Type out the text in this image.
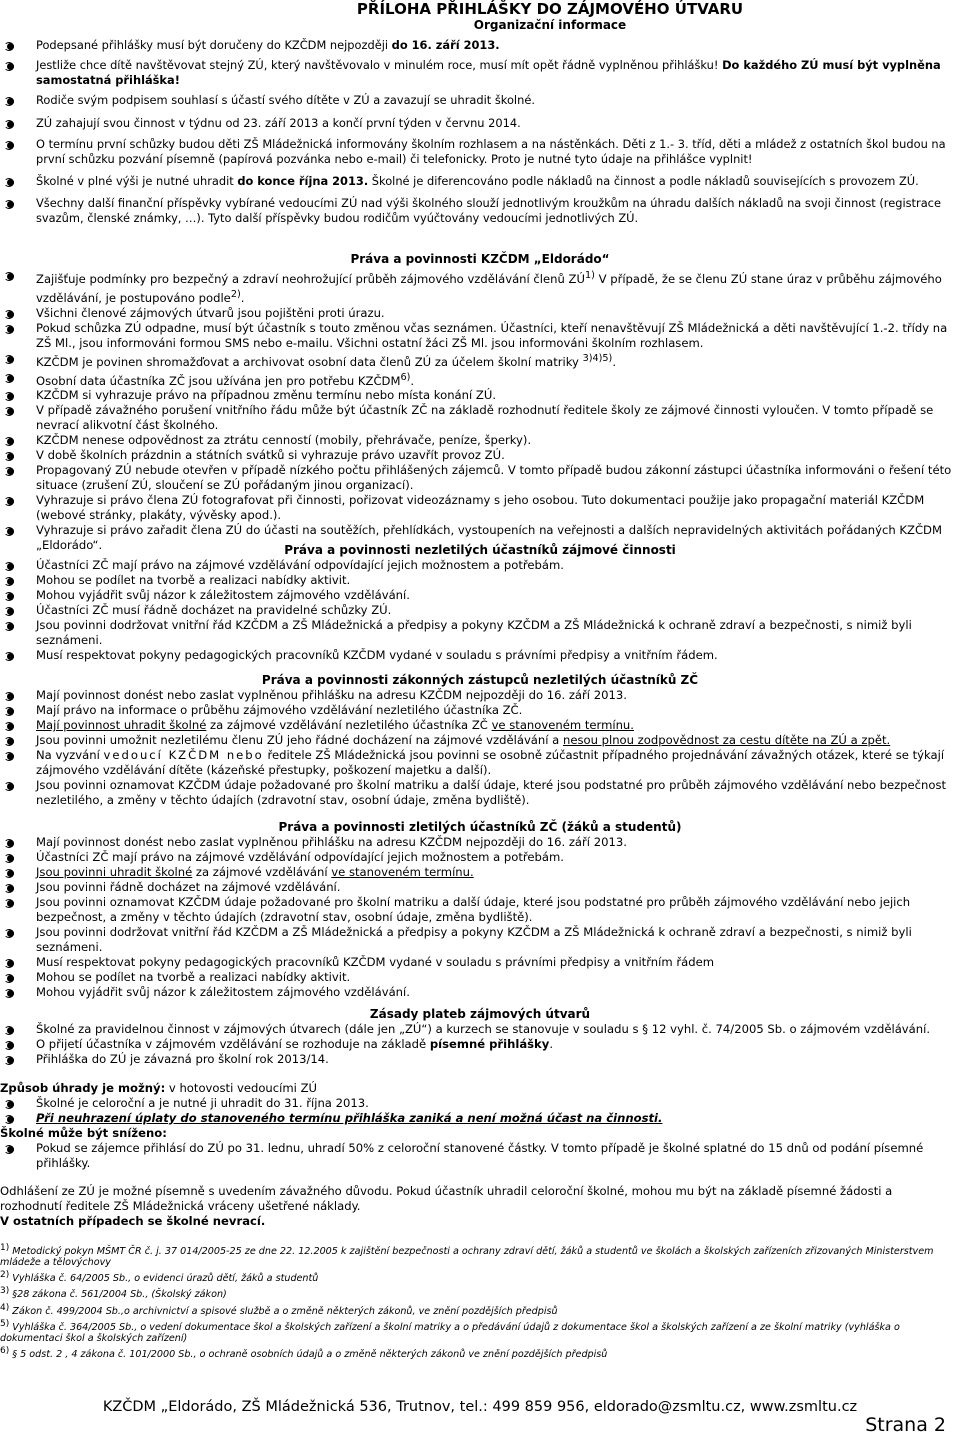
PŘÍLOHA PŘIHLÁŠKY DO ZÁJMOVÉHO ÚTVARU
Organizační informace
Podepsané přihlášky musí být doručeny do KZČDM nejpozději do 16. září 2013.
Jestliže chce dítě navštěvovat stejný ZÚ, který navštěvovalo v minulém roce, musí mít opět řádně vyplněnou přihlášku! Do každého ZÚ musí být vyplněna samostatná přihláška!
Rodiče svým podpisem souhlasí s účastí svého dítěte v ZÚ a zavazují se uhradit školné.
ZÚ zahajují svou činnost v týdnu od 23. září 2013 a končí první týden v červnu 2014.
O termínu první schůzky budou děti ZŠ Mládežnická informovány školním rozhlasem a na nástěnkách. Děti z 1.- 3. tříd, děti a mládež z ostatních škol budou na první schůzku pozvání písemně (papírová pozvánka nebo e-mail) či telefonicky. Proto je nutné tyto údaje na přihlášce vyplnit!
Školné v plné výši je nutné uhradit do konce října 2013. Školné je diferencováno podle nákladů na činnost a podle nákladů souvisejících s provozem ZÚ.
Všechny další finanční příspěvky vybírané vedoucími ZÚ nad výši školného slouží jednotlivým kroužkům na úhradu dalších nákladů na svoji činnost (registrace svazům, členské známky, …). Tyto další příspěvky budou rodičům vyúčtovány vedoucími jednotlivých ZÚ.
Práva a povinnosti KZČDM „Eldorádo“
Zajišťuje podmínky pro bezpečný a zdraví neohrožující průběh zájmového vzdělávání členů ZÚ$^{1)}$ V případě, že se členu ZÚ stane úraz v průběhu zájmového vzdělávání, je postupováno podle$^{2)}$.
Všichni členové zájmových útvarů jsou pojištěni proti úrazu.
Pokud schůzka ZÚ odpadne, musí být účastník s touto změnou včas seznámen. Účastníci, kteří nenavštěvují ZŠ Mládežnická a děti navštěvující 1.-2. třídy na ZŠ Ml., jsou informováni formou SMS nebo e-mailu. Všichni ostatní žáci ZŠ Ml. jsou informováni školním rozhlasem.
KZČDM je povinen shromažďovat a archivovat osobní data členů ZÚ za účelem školní matriky $^{3)4)5)}$.
Osobní data účastníka ZČ jsou užívána jen pro potřebu KZČDM$^{6)}$.
KZČDM si vyhrazuje právo na případnou změnu termínu nebo místa konání ZÚ.
V případě závažného porušení vnitřního řádu může být účastník ZČ na základě rozhodnutí ředitele školy ze zájmové činnosti vyloučen. V tomto případě se nevrací alikvotní část školného.
KZČDM nenese odpovědnost za ztrátu cenností (mobily, přehrávače, peníze, šperky).
V době školních prázdnin a státních svátků si vyhrazuje právo uzavřít provoz ZÚ.
Propagovaný ZÚ nebude otevřen v případě nízkého počtu přihlášených zájemců. V tomto případě budou zákonní zástupci účastníka informováni o řešení této situace (zrušení ZÚ, sloučení se ZÚ pořádaným jinou organizací).
Vyhrazuje si právo člena ZÚ fotografovat při činnosti, pořizovat videozáznamy s jeho osobou. Tuto dokumentaci použije jako propagační materiál KZČDM (webové stránky, plakáty, vývěsky apod.).
Vyhrazuje si právo zařadit člena ZÚ do účasti na soutěžích, přehlídkách, vystoupeních na veřejnosti a dalších nepravidelných aktivitách pořádaných KZČDM „Eldorádo“.	Práva a povinnosti nezletilých účastníků zájmové činnosti
Účastníci ZČ mají právo na zájmové vzdělávání odpovídající jejich možnostem a potřebám.
Mohou se podílet na tvorbě a realizaci nabídky aktivit.
Mohou vyjádřit svůj názor k záležitostem zájmového vzdělávání.
Účastníci ZČ musí řádně docházet na pravidelné schůzky ZÚ.
Jsou povinni dodržovat vnitřní řád KZČDM a ZŠ Mládežnická a předpisy a pokyny KZČDM a ZŠ Mládežnická k ochraně zdraví a bezpečnosti, s nimiž byli seznámeni.
Musí respektovat pokyny pedagogických pracovníků KZČDM vydané v souladu s právními předpisy a vnitřním řádem.
Práva a povinnosti zákonných zástupců nezletilých účastníků ZČ
Mají povinnost donést nebo zaslat vyplněnou přihlášku na adresu KZČDM nejpozději do 16. září 2013.
Mají právo na informace o průběhu zájmového vzdělávání nezletilého účastníka ZČ.
Mají povinnost uhradit školné za zájmové vzdělávání nezletilého účastníka ZČ ve stanoveném termínu.
Jsou povinni umožnit nezletilému členu ZÚ jeho řádné docházení na zájmové vzdělávání a nesou plnou zodpovědnost za cestu dítěte na ZÚ a zpět.
Na vyzvání vedoucí KZČDM nebo ředitele ZŠ Mládežnická jsou povinni se osobně zúčastnit případného projednávání závažných otázek, které se týkají zájmového vzdělávání dítěte (kázeňské přestupky, poškození majetku a další).
Jsou povinni oznamovat KZČDM údaje požadované pro školní matriku a další údaje, které jsou podstatné pro průběh zájmového vzdělávání nebo bezpečnost nezletilého, a změny v těchto údajích (zdravotní stav, osobní údaje, změna bydliště).
Práva a povinnosti zletilých účastníků ZČ (žáků a studentů)
Mají povinnost donést nebo zaslat vyplněnou přihlášku na adresu KZČDM nejpozději do 16. září 2013.
Účastníci ZČ mají právo na zájmové vzdělávání odpovídající jejich možnostem a potřebám.
Jsou povinni uhradit školné za zájmové vzdělávání ve stanoveném termínu.
Jsou povinni řádně docházet na zájmové vzdělávání.
Jsou povinni oznamovat KZČDM údaje požadované pro školní matriku a další údaje, které jsou podstatné pro průběh zájmového vzdělávání nebo jejich bezpečnost, a změny v těchto údajích (zdravotní stav, osobní údaje, změna bydliště).
Jsou povinni dodržovat vnitřní řád KZČDM a ZŠ Mládežnická a předpisy a pokyny KZČDM a ZŠ Mládežnická k ochraně zdraví a bezpečnosti, s nimiž byli seznámeni.
Musí respektovat pokyny pedagogických pracovníků KZČDM vydané v souladu s právními předpisy a vnitřním řádem
Mohou se podílet na tvorbě a realizaci nabídky aktivit.
Mohou vyjádřit svůj názor k záležitostem zájmového vzdělávání.
Zásady plateb zájmových útvarů
Školné za pravidelnou činnost v zájmových útvarech (dále jen „ZÚ“) a kurzech se stanovuje v souladu s § 12 vyhl. č. 74/2005 Sb. o zájmovém vzdělávání.
O přijetí účastníka v zájmovém vzdělávání se rozhoduje na základě písemné přihlášky.
Přihláška do ZÚ je závazná pro školní rok 2013/14.
Způsob úhrady je možný: v hotovosti vedoucími ZÚ
Školné je celoroční a je nutné ji uhradit do 31. října 2013.
Při neuhrazení úplaty do stanoveného termínu přihláška zaniká a není možná účast na činnosti.
Školné může být sníženo:
Pokud se zájemce přihlásí do ZÚ po 31. lednu, uhradí 50% z celoroční stanovené částky. V tomto případě je školné splatné do 15 dnů od podání písemné přihlášky.
Odhlášení ze ZÚ je možné písemně s uvedením závažného důvodu. Pokud účastník uhradil celoroční školné, mohou mu být na základě písemné žádosti a rozhodnutí ředitele ZŠ Mládežnická vráceny ušetřené náklady.
V ostatních případech se školné nevrací.
$^{1)}$ Metodický pokyn MŠMT ČR č. j. 37 014/2005-25 ze dne 22. 12.2005 k zajištění bezpečnosti a ochrany zdraví dětí, žáků a studentů ve školách a školských zařízeních zřizovaných Ministerstvem mládeže a tělovýchovy
$^{2)}$ Vyhláška č. 64/2005 Sb., o evidenci úrazů dětí, žáků a studentů
$^{3)}$ §28 zákona č. 561/2004 Sb., (Školský zákon)
$^{4)}$ Zákon č. 499/2004 Sb.,o archivnictví a spisové službě a o změně některých zákonů, ve znění pozdějších předpisů
$^{5)}$ Vyhláška č. 364/2005 Sb., o vedení dokumentace škol a školských zařízení a školní matriky a o předávání údajů z dokumentace škol a školských zařízení a ze školní matriky (vyhláška o dokumentaci škol a školských zařízení)
$^{6)}$ § 5 odst. 2 , 4 zákona č. 101/2000 Sb., o ochraně osobních údajů a o změně některých zákonů ve znění pozdějších předpisů
KZČDM „Eldorádo, ZŠ Mládežnická 536, Trutnov, tel.: 499 859 956, eldorado@zsmltu.cz, www.zsmltu.cz
Strana 2
